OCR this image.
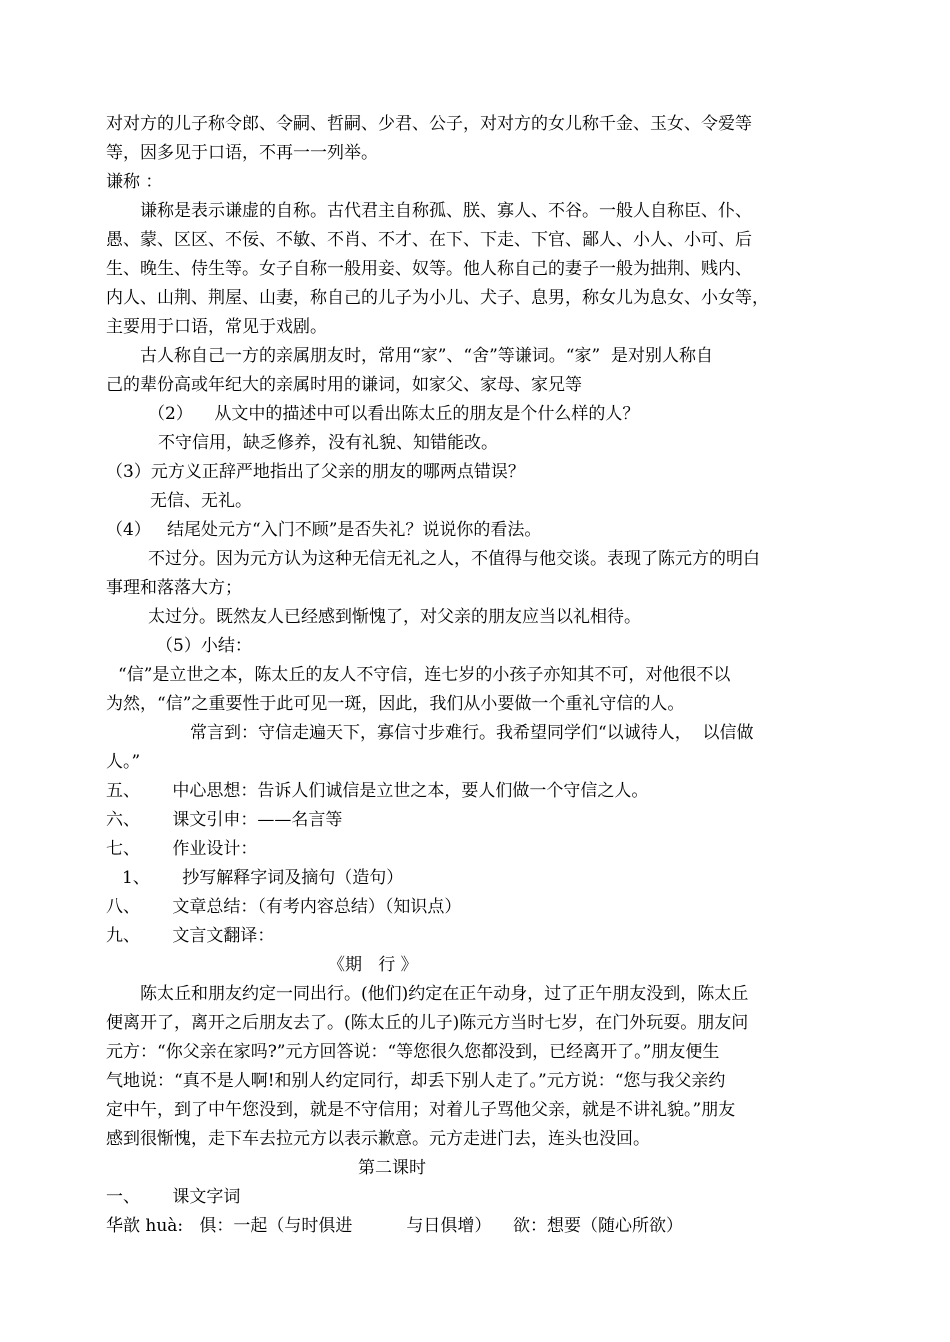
对对方的儿子称令郎、令嗣、哲嗣、少君、公子，对对方的女儿称千金、玉女、令爱等
等，因多见于口语，不再一一列举。
谦称 ：
谦称是表示谦虚的自称。古代君主自称孤、朕、寡人、不谷。一般人自称臣、仆、
愚、蒙、区区、不佞、不敏、不肖、不才、在下、下走、下官、鄙人、小人、小可、后
生、晚生、侍生等。女子自称一般用妾、奴等。他人称自己的妻子一般为拙荆、贱内、
内人、山荆、荆屋、山妻，称自己的儿子为小儿、犬子、息男，称女儿为息女、小女等，
主要用于口语，常见于戏剧。
古人称自己一方的亲属朋友时，常用“家”、“舍”等谦词。“家”  是对别人称自
己的辈份高或年纪大的亲属时用的谦词，如家父、家母、家兄等
（2）    从文中的描述中可以看出陈太丘的朋友是个什么样的人？
不守信用，缺乏修养，没有礼貌、知错能改。
（3）元方义正辞严地指出了父亲的朋友的哪两点错误？
无信、无礼。
（4）   结尾处元方“入门不顾”是否失礼？说说你的看法。
不过分。因为元方认为这种无信无礼之人，不值得与他交谈。表现了陈元方的明白
事理和落落大方；
太过分。既然友人已经感到惭愧了，对父亲的朋友应当以礼相待。
（5）小结：
“信”是立世之本，陈太丘的友人不守信，连七岁的小孩子亦知其不可，对他很不以
为然，“信”之重要性于此可见一斑，因此，我们从小要做一个重礼守信的人。
常言到：守信走遍天下，寡信寸步难行。我希望同学们“以诚待人，  以信做
人。”
五、      中心思想：告诉人们诚信是立世之本，要人们做一个守信之人。
六、      课文引申：——名言等
七、      作业设计：
1、      抄写解释字词及摘句（造句）
八、      文章总结：（有考内容总结）（知识点）
九、      文言文翻译：
《期   行 》
陈太丘和朋友约定一同出行。(他们)约定在正午动身，过了正午朋友没到，陈太丘
便离开了，离开之后朋友去了。(陈太丘的儿子)陈元方当时七岁，在门外玩耍。朋友问
元方：“你父亲在家吗?”元方回答说：“等您很久您都没到，已经离开了。”朋友便生
气地说：“真不是人啊!和别人约定同行，却丢下别人走了。”元方说：“您与我父亲约
定中午，到了中午您没到，就是不守信用；对着儿子骂他父亲，就是不讲礼貌。”朋友
感到很惭愧，走下车去拉元方以表示歉意。元方走进门去，连头也没回。
第二课时
一、      课文字词
华歆 huà:   俱：一起（与时俱进          与日俱增）    欲：想要（随心所欲）
